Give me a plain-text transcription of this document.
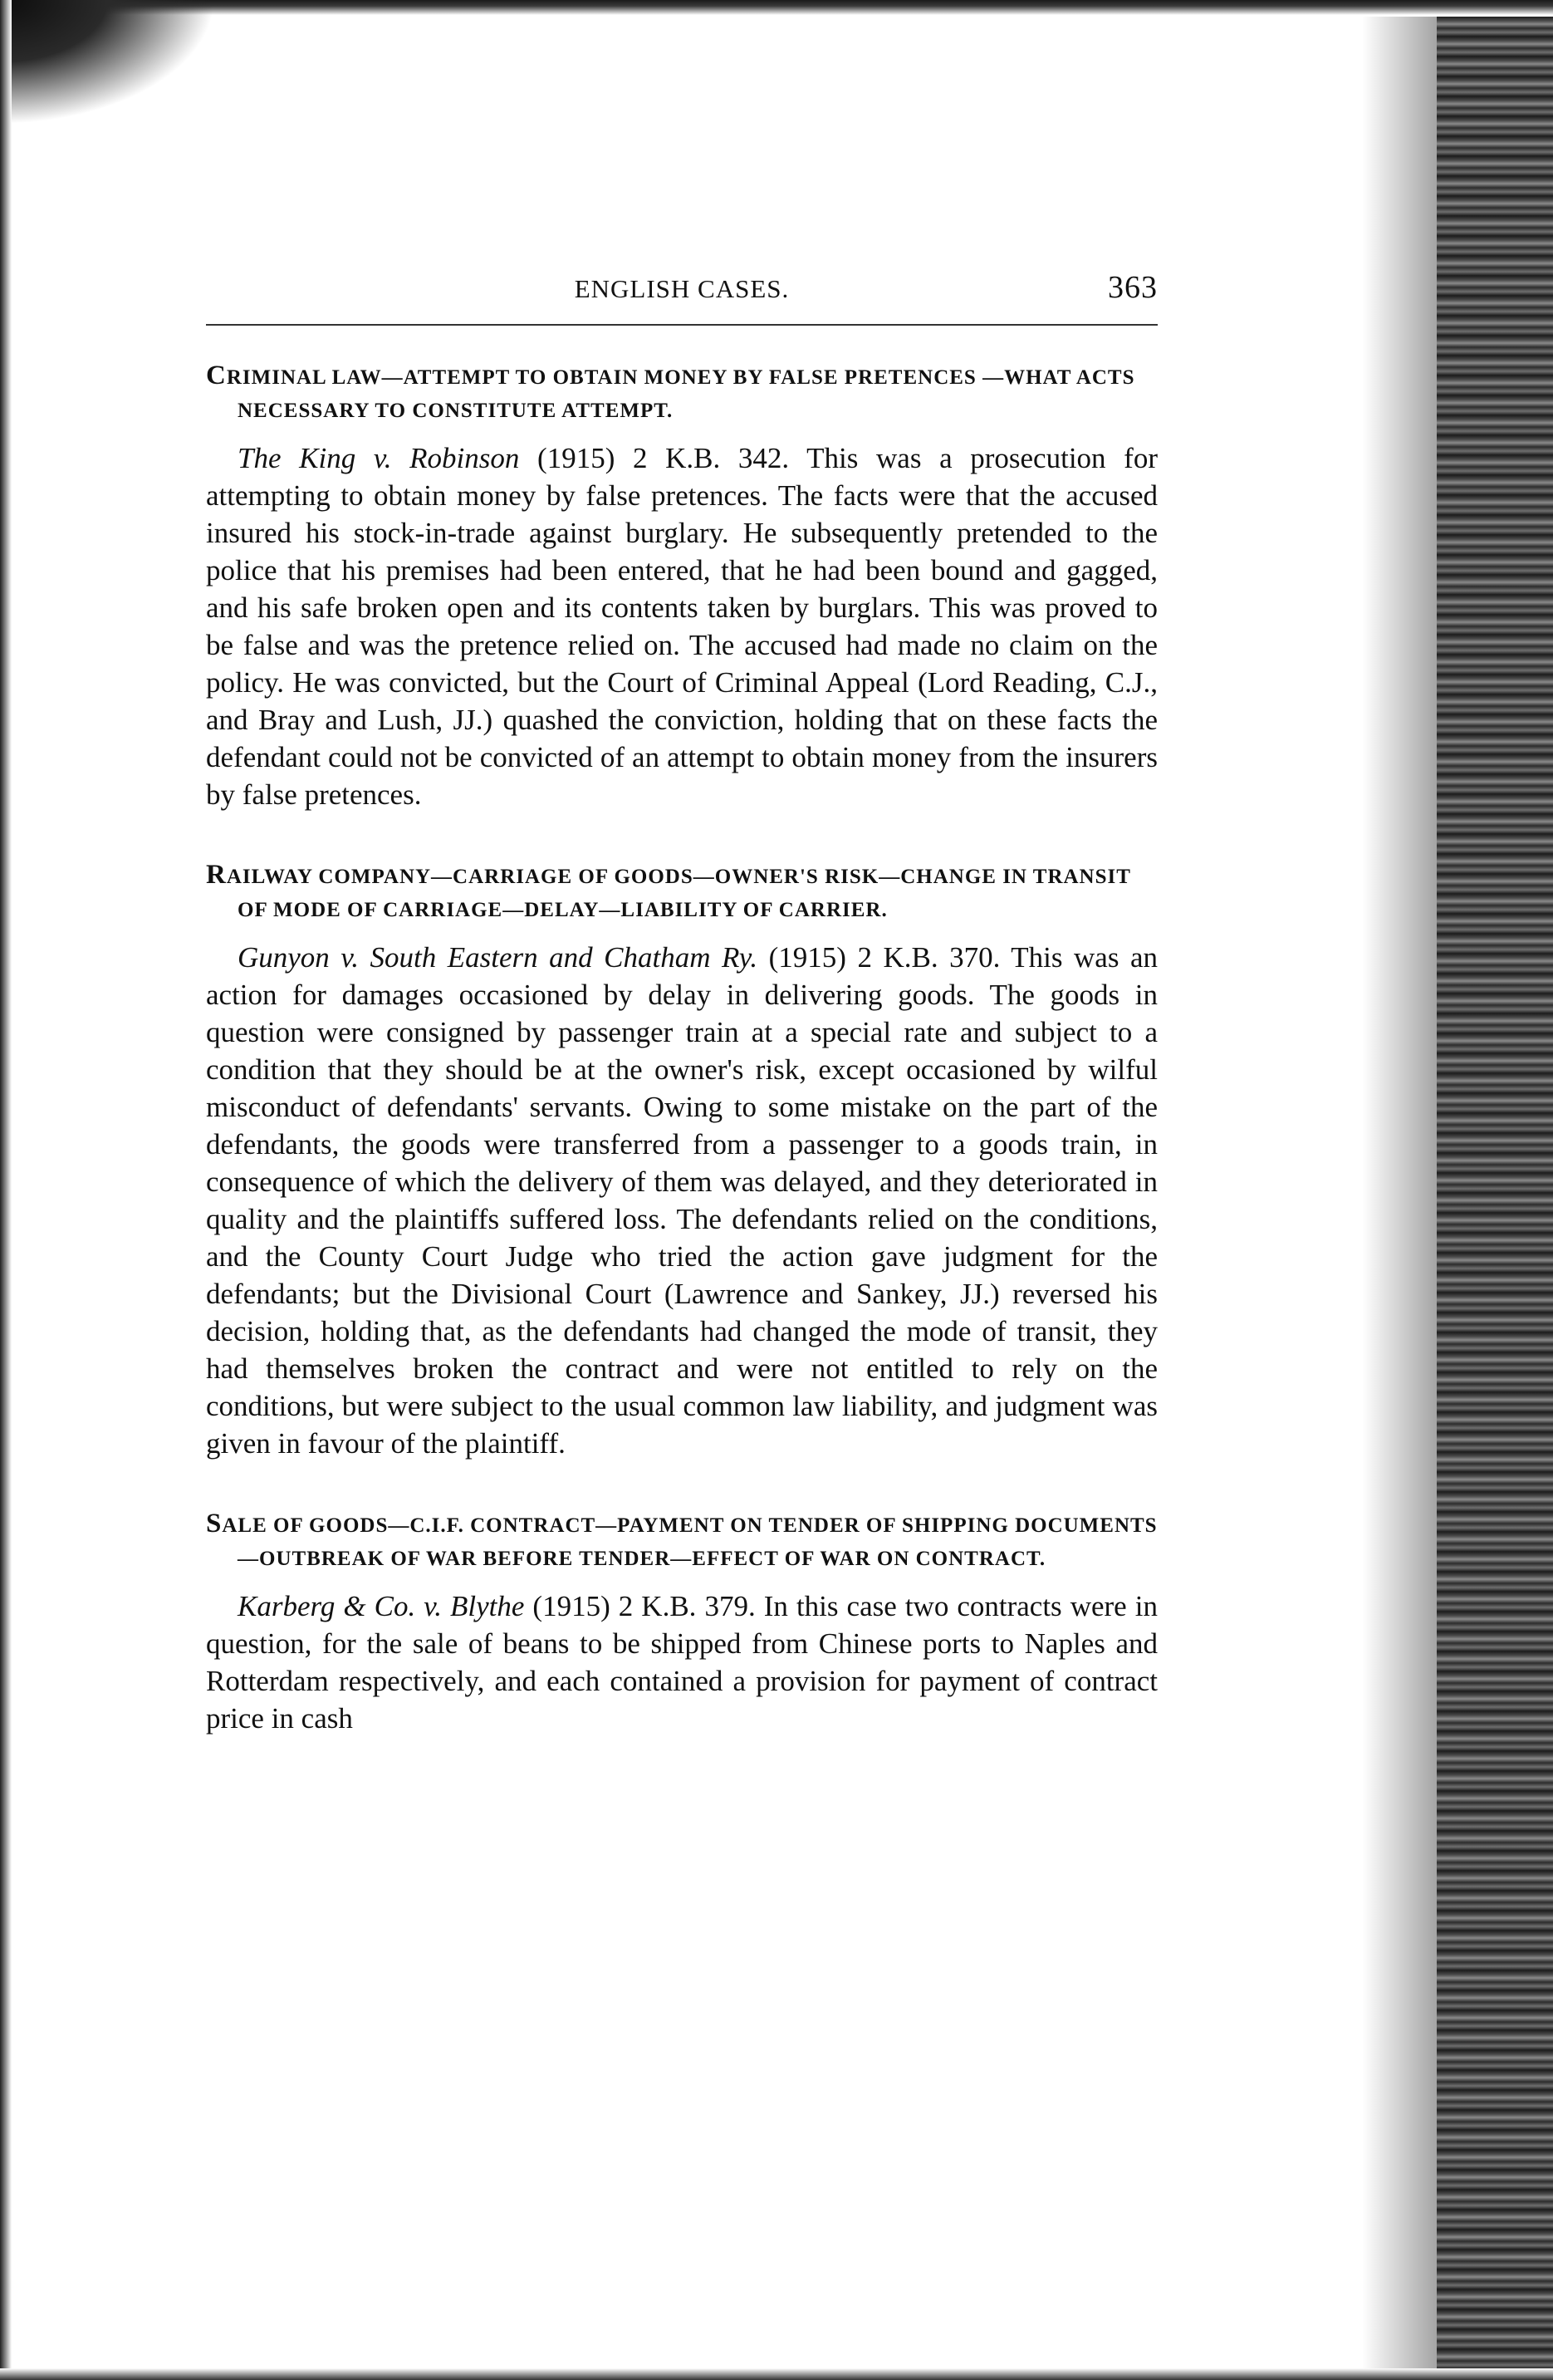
ENGLISH CASES.	363
CRIMINAL LAW—ATTEMPT TO OBTAIN MONEY BY FALSE PRETENCES —WHAT ACTS NECESSARY TO CONSTITUTE ATTEMPT.
The King v. Robinson (1915) 2 K.B. 342. This was a prosecution for attempting to obtain money by false pretences. The facts were that the accused insured his stock-in-trade against burglary. He subsequently pretended to the police that his premises had been entered, that he had been bound and gagged, and his safe broken open and its contents taken by burglars. This was proved to be false and was the pretence relied on. The accused had made no claim on the policy. He was convicted, but the Court of Criminal Appeal (Lord Reading, C.J., and Bray and Lush, JJ.) quashed the conviction, holding that on these facts the defendant could not be convicted of an attempt to obtain money from the insurers by false pretences.
RAILWAY COMPANY—CARRIAGE OF GOODS—OWNER'S RISK—CHANGE IN TRANSIT OF MODE OF CARRIAGE—DELAY—LIABILITY OF CARRIER.
Gunyon v. South Eastern and Chatham Ry. (1915) 2 K.B. 370. This was an action for damages occasioned by delay in delivering goods. The goods in question were consigned by passenger train at a special rate and subject to a condition that they should be at the owner's risk, except occasioned by wilful misconduct of defendants' servants. Owing to some mistake on the part of the defendants, the goods were transferred from a passenger to a goods train, in consequence of which the delivery of them was delayed, and they deteriorated in quality and the plaintiffs suffered loss. The defendants relied on the conditions, and the County Court Judge who tried the action gave judgment for the defendants; but the Divisional Court (Lawrence and Sankey, JJ.) reversed his decision, holding that, as the defendants had changed the mode of transit, they had themselves broken the contract and were not entitled to rely on the conditions, but were subject to the usual common law liability, and judgment was given in favour of the plaintiff.
SALE OF GOODS—C.I.F. CONTRACT—PAYMENT ON TENDER OF SHIPPING DOCUMENTS—OUTBREAK OF WAR BEFORE TENDER—EFFECT OF WAR ON CONTRACT.
Karberg & Co. v. Blythe (1915) 2 K.B. 379. In this case two contracts were in question, for the sale of beans to be shipped from Chinese ports to Naples and Rotterdam respectively, and each contained a provision for payment of contract price in cash
